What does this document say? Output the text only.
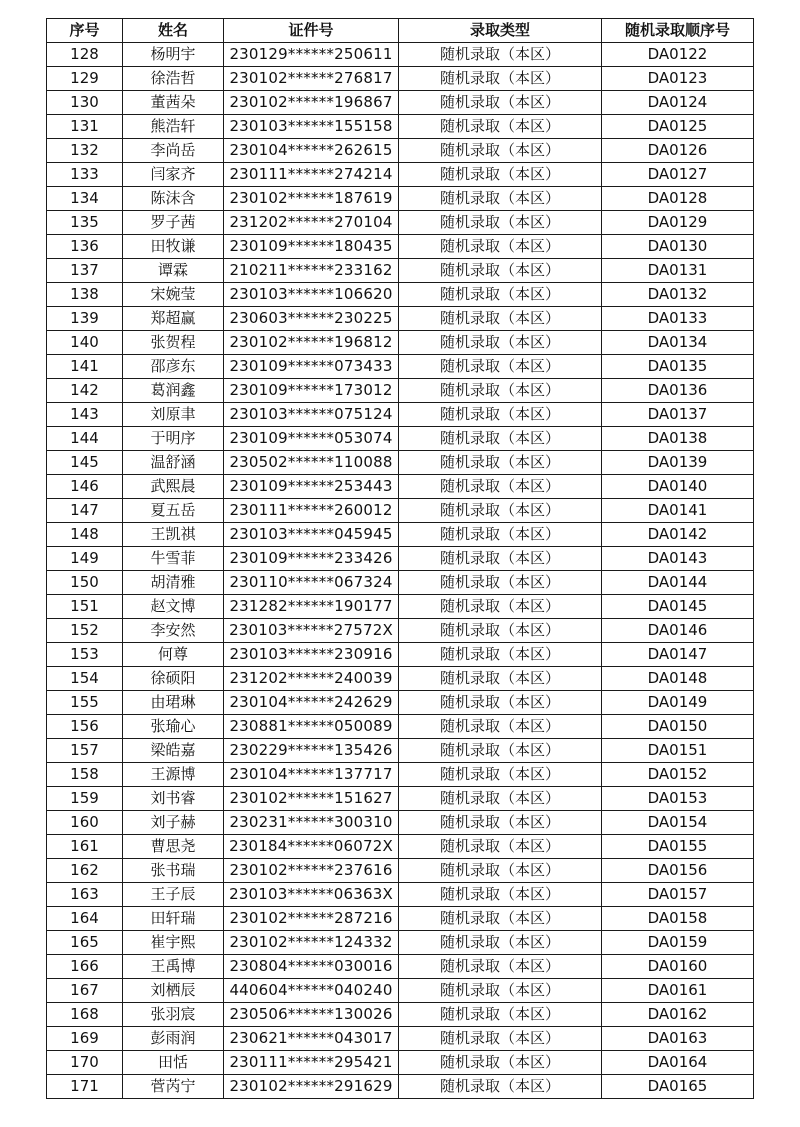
序号	姓名	证件号	录取类型	随机录取顺序号
128	杨明宇	230129******250611	随机录取（本区）	DA0122
129	徐浩哲	230102******276817	随机录取（本区）	DA0123
130	董茜朵	230102******196867	随机录取（本区）	DA0124
131	熊浩轩	230103******155158	随机录取（本区）	DA0125
132	李尚岳	230104******262615	随机录取（本区）	DA0126
133	闫家齐	230111******274214	随机录取（本区）	DA0127
134	陈沫含	230102******187619	随机录取（本区）	DA0128
135	罗子茜	231202******270104	随机录取（本区）	DA0129
136	田牧谦	230109******180435	随机录取（本区）	DA0130
137	谭霖	210211******233162	随机录取（本区）	DA0131
138	宋婉莹	230103******106620	随机录取（本区）	DA0132
139	郑超赢	230603******230225	随机录取（本区）	DA0133
140	张贺程	230102******196812	随机录取（本区）	DA0134
141	邵彦东	230109******073433	随机录取（本区）	DA0135
142	葛润鑫	230109******173012	随机录取（本区）	DA0136
143	刘原聿	230103******075124	随机录取（本区）	DA0137
144	于明序	230109******053074	随机录取（本区）	DA0138
145	温舒涵	230502******110088	随机录取（本区）	DA0139
146	武熙晨	230109******253443	随机录取（本区）	DA0140
147	夏五岳	230111******260012	随机录取（本区）	DA0141
148	王凯祺	230103******045945	随机录取（本区）	DA0142
149	牛雪菲	230109******233426	随机录取（本区）	DA0143
150	胡清雅	230110******067324	随机录取（本区）	DA0144
151	赵文博	231282******190177	随机录取（本区）	DA0145
152	李安然	230103******27572X	随机录取（本区）	DA0146
153	何尊	230103******230916	随机录取（本区）	DA0147
154	徐硕阳	231202******240039	随机录取（本区）	DA0148
155	由珺琳	230104******242629	随机录取（本区）	DA0149
156	张瑜心	230881******050089	随机录取（本区）	DA0150
157	梁皓嘉	230229******135426	随机录取（本区）	DA0151
158	王源博	230104******137717	随机录取（本区）	DA0152
159	刘书睿	230102******151627	随机录取（本区）	DA0153
160	刘子赫	230231******300310	随机录取（本区）	DA0154
161	曹思尧	230184******06072X	随机录取（本区）	DA0155
162	张书瑞	230102******237616	随机录取（本区）	DA0156
163	王子辰	230103******06363X	随机录取（本区）	DA0157
164	田轩瑞	230102******287216	随机录取（本区）	DA0158
165	崔宇熙	230102******124332	随机录取（本区）	DA0159
166	王禹博	230804******030016	随机录取（本区）	DA0160
167	刘栖辰	440604******040240	随机录取（本区）	DA0161
168	张羽宸	230506******130026	随机录取（本区）	DA0162
169	彭雨润	230621******043017	随机录取（本区）	DA0163
170	田恬	230111******295421	随机录取（本区）	DA0164
171	菅芮宁	230102******291629	随机录取（本区）	DA0165
